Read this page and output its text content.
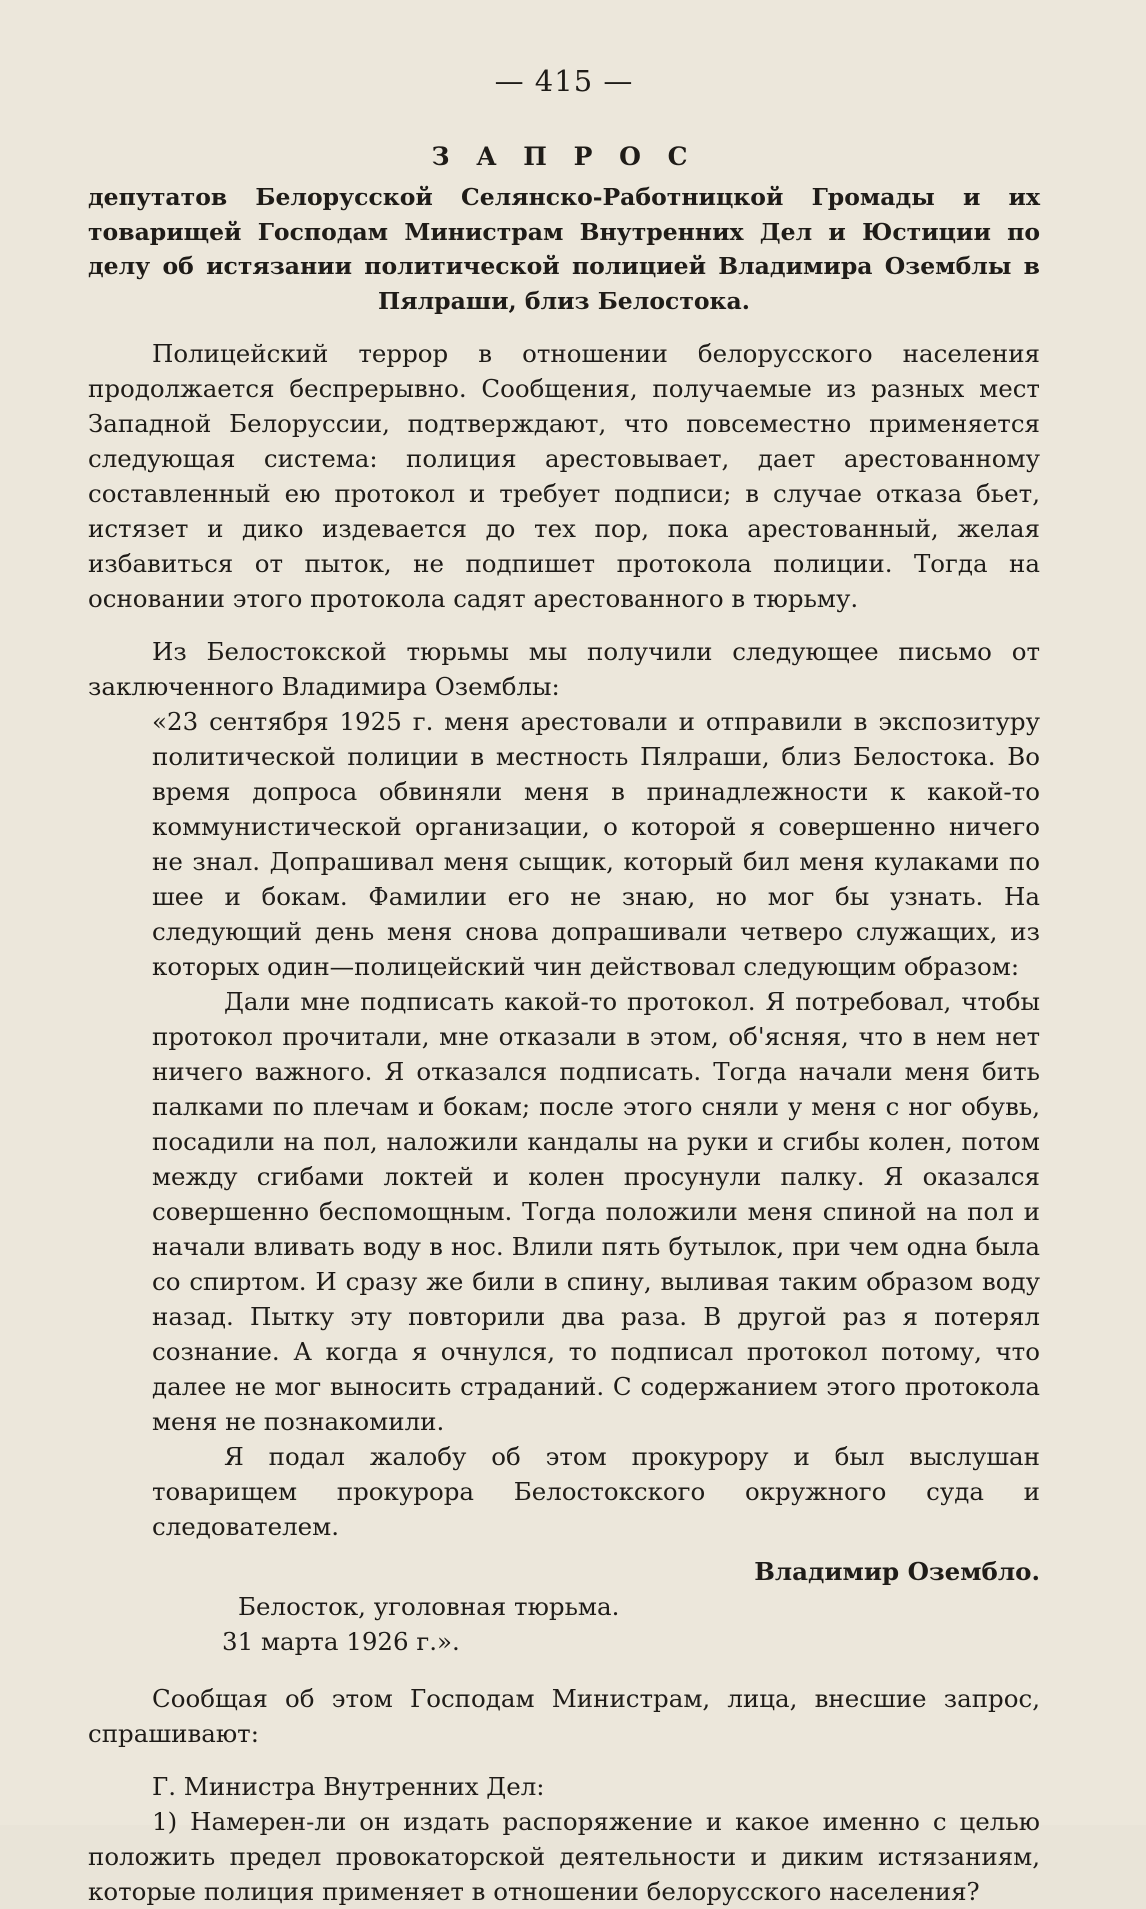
— 415 —
З А П Р О С
депутатов Белорусской Селянско-Работницкой Громады и их товарищей Господам Министрам Внутренних Дел и Юстиции по делу об истязании политической полицией Владимира Оземблы в Пялраши, близ Белостока.

Полицейский террор в отношении белорусского населения продолжается беспрерывно. Сообщения, получаемые из разных мест Западной Белоруссии, подтверждают, что повсеместно применяется следующая система: полиция арестовывает, дает арестованному составленный ею протокол и требует подписи; в случае отказа бьет, истязет и дико издевается до тех пор, пока арестованный, желая избавиться от пыток, не подпишет протокола полиции. Тогда на основании этого протокола садят арестованного в тюрьму.

Из Белостокской тюрьмы мы получили следующее письмо от заключенного Владимира Оземблы:

«23 сентября 1925 г. меня арестовали и отправили в экспозитуру политической полиции в местность Пялраши, близ Белостока. Во время допроса обвиняли меня в принадлежности к какой-то коммунистической организации, о которой я совершенно ничего не знал. Допрашивал меня сыщик, который бил меня кулаками по шее и бокам. Фамилии его не знаю, но мог бы узнать. На следующий день меня снова допрашивали четверо служащих, из которых один—полицейский чин действовал следующим образом:

Дали мне подписать какой-то протокол. Я потребовал, чтобы протокол прочитали, мне отказали в этом, об'ясняя, что в нем нет ничего важного. Я отказался подписать. Тогда начали меня бить палками по плечам и бокам; после этого сняли у меня с ног обувь, посадили на пол, наложили кандалы на руки и сгибы колен, потом между сгибами локтей и колен просунули палку. Я оказался совершенно беспомощным. Тогда положили меня спиной на пол и начали вливать воду в нос. Влили пять бутылок, при чем одна была со спиртом. И сразу же били в спину, выливая таким образом воду назад. Пытку эту повторили два раза. В другой раз я потерял сознание. А когда я очнулся, то подписал протокол потому, что далее не мог выносить страданий. С содержанием этого протокола меня не познакомили.

Я подал жалобу об этом прокурору и был выслушан товарищем прокурора Белостокского окружного суда и следователем.

Владимир Озембло.
Белосток, уголовная тюрьма.
31 марта 1926 г.».

Сообщая об этом Господам Министрам, лица, внесшие запрос, спрашивают:

Г. Министра Внутренних Дел:

1) Намерен-ли он издать распоряжение и какое именно с целью положить предел провокаторской деятельности и диким истязаниям, которые полиция применяет в отношении белорусского населения?
